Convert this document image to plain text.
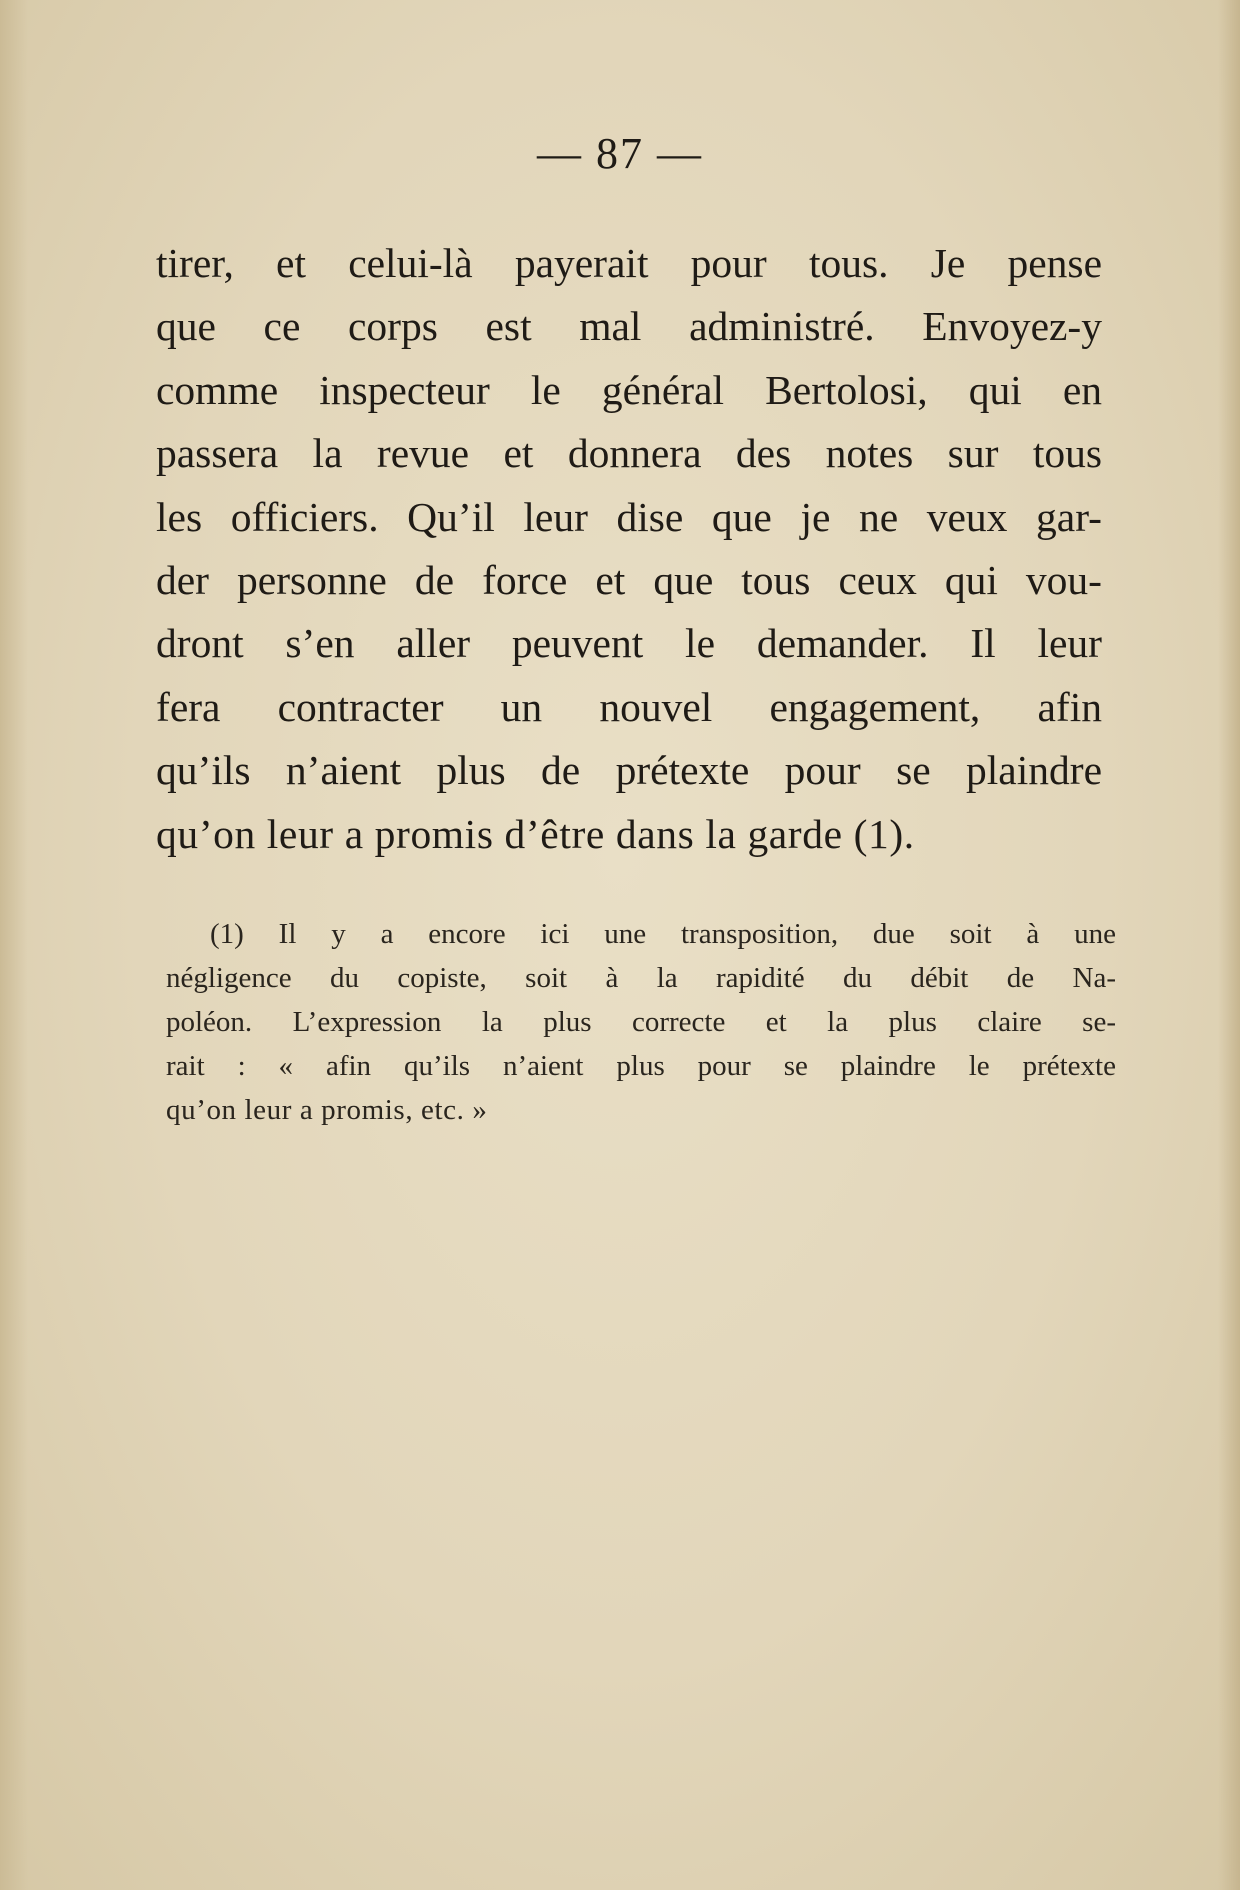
— 87 —
tirer, et celui-là payerait pour tous. Je pense
que ce corps est mal administré. Envoyez-y
comme inspecteur le général Bertolosi, qui en
passera la revue et donnera des notes sur tous
les officiers. Qu’il leur dise que je ne veux gar-
der personne de force et que tous ceux qui vou-
dront s’en aller peuvent le demander. Il leur
fera contracter un nouvel engagement, afin
qu’ils n’aient plus de prétexte pour se plaindre
qu’on leur a promis d’être dans la garde (1).
(1) Il y a encore ici une transposition, due soit à une
négligence du copiste, soit à la rapidité du débit de Na-
poléon. L’expression la plus correcte et la plus claire se-
rait : « afin qu’ils n’aient plus pour se plaindre le prétexte
qu’on leur a promis, etc. »
